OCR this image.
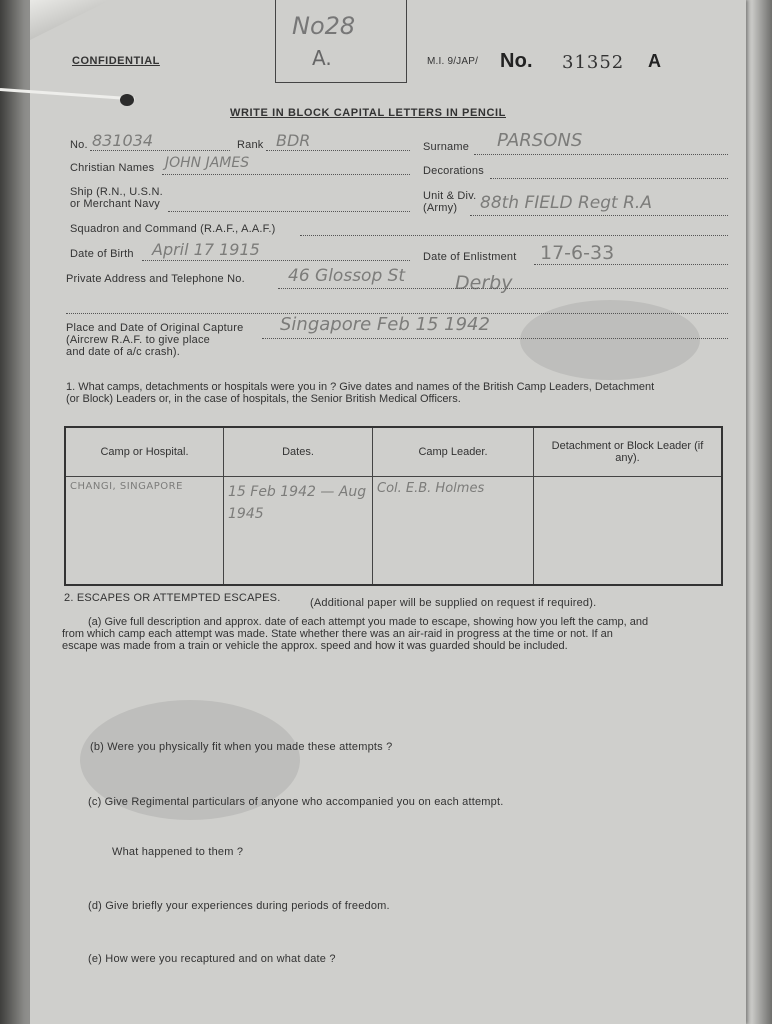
No28
A.
CONFIDENTIAL	M.I. 9/JAP/ No. 31352 A
WRITE IN BLOCK CAPITAL LETTERS IN PENCIL
No. 831034	Rank BDR	Surname PARSONS
Christian Names JOHN JAMES	Decorations
Ship (R.N., U.S.N.
or Merchant Navy
Unit & Div.
(Army) 88th FIELD Regt R.A
Squadron and Command (R.A.F., A.A.F.)
Date of Birth April 17 1915	Date of Enlistment 17-6-33
Private Address and Telephone No.	46 Glossop St	Derby
Place and Date of Original Capture
(Aircrew R.A.F. to give place
and date of a/c crash).
Singapore Feb 15 1942
1. What camps, detachments or hospitals were you in ? Give dates and names of the British Camp Leaders, Detachment
(or Block) Leaders or, in the case of hospitals, the Senior British Medical Officers.
Camp or Hospital.	Dates.	Camp Leader.	Detachment or Block Leader (if any).
CHANGI, SINGAPORE	15 Feb 1942 — Aug 1945	Col. E.B. Holmes	
2. ESCAPES OR ATTEMPTED ESCAPES.	(Additional paper will be supplied on request if required).
(a) Give full description and approx. date of each attempt you made to escape, showing how you left the camp, and
from which camp each attempt was made. State whether there was an air-raid in progress at the time or not. If an
escape was made from a train or vehicle the approx. speed and how it was guarded should be included.
(b) Were you physically fit when you made these attempts ?
(c) Give Regimental particulars of anyone who accompanied you on each attempt.
What happened to them ?
(d) Give briefly your experiences during periods of freedom.
(e) How were you recaptured and on what date ?
